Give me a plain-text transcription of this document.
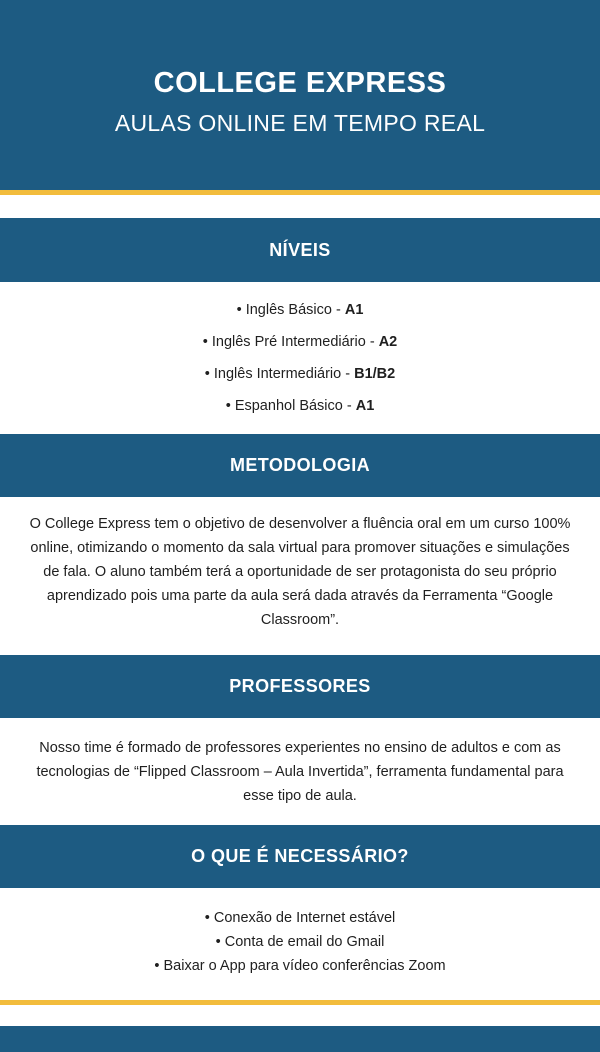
COLLEGE EXPRESS
AULAS ONLINE EM TEMPO REAL
NÍVEIS
• Inglês Básico - A1
• Inglês Pré Intermediário - A2
• Inglês Intermediário - B1/B2
• Espanhol Básico - A1
METODOLOGIA
O College Express tem o objetivo de desenvolver a fluência oral em um curso 100% online, otimizando o momento da sala virtual para promover situações e simulações de fala. O aluno também terá a oportunidade de ser protagonista do seu próprio aprendizado pois uma parte da aula será dada através da Ferramenta “Google Classroom”.
PROFESSORES
Nosso time é formado de professores experientes no ensino de adultos e com as tecnologias de “Flipped Classroom – Aula Invertida”, ferramenta fundamental para esse tipo de aula.
O QUE É NECESSÁRIO?
• Conexão de Internet estável
• Conta de email do Gmail
• Baixar o App para vídeo conferências Zoom
